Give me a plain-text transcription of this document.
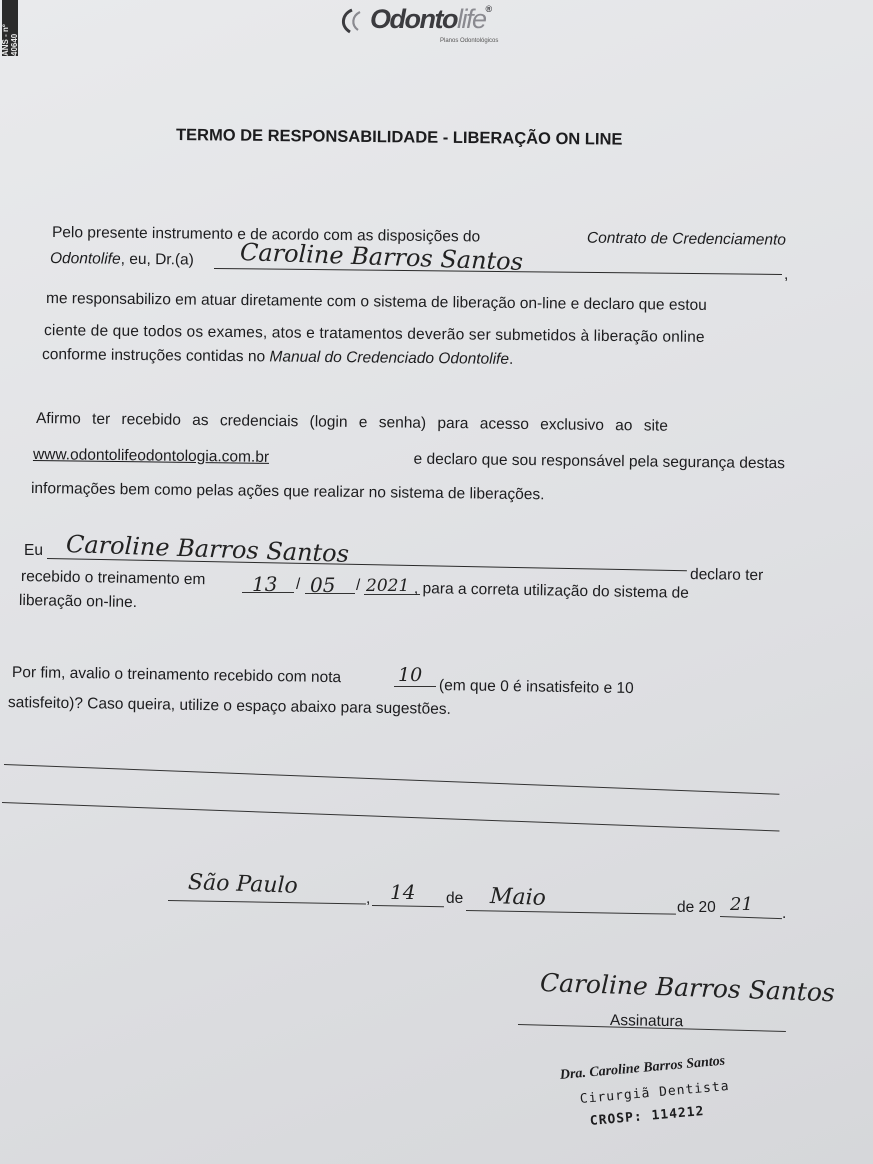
ANS - nº 40640
Odontolife®
Planos Odontológicos
TERMO DE RESPONSABILIDADE - LIBERAÇÃO ON LINE
Pelo presente instrumento e de acordo com as disposições do	Contrato de Credenciamento
Odontolife, eu, Dr.(a)
,
Caroline Barros Santos
me responsabilizo em atuar diretamente com o sistema de liberação on-line e declaro que estou
ciente de que todos os exames, atos e tratamentos deverão ser submetidos à liberação online
conforme instruções contidas no Manual do Credenciado Odontolife.
Afirmo ter recebido as credenciais (login e senha) para acesso exclusivo ao site
www.odontolifeodontologia.com.br	e declaro que sou responsável pela segurança destas
informações bem como pelas ações que realizar no sistema de liberações.
Eu Caroline Barros Santos
declaro ter
recebido o treinamento em 13 / 05 / 2021 , para a correta utilização do sistema de
liberação on-line.
Por fim, avalio o treinamento recebido com nota	10
(em que 0 é insatisfeito e 10
satisfeito)? Caso queira, utilize o espaço abaixo para sugestões.
São Paulo	, 14 de Maio	de 20 21 .
Caroline Barros Santos
Assinatura
Dra. Caroline Barros Santos
Cirurgiã Dentista
CROSP: 114212
